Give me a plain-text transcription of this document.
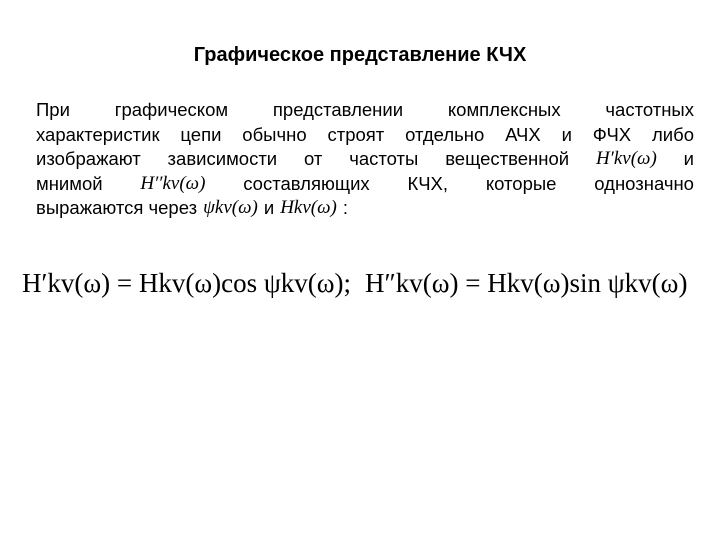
Графическое представление КЧХ
При графическом представлении комплексных частотных
характеристик цепи обычно строят отдельно АЧХ и ФЧХ либо
изображают зависимости от частоты вещественной H′kv(ω) и
мнимой H′′kv(ω) составляющих КЧХ, которые однозначно
выражаются через ψkv(ω) и Hkv(ω) :
H′kv(ω) = Hkv(ω)cos ψkv(ω); H″kv(ω) = Hkv(ω)sin ψkv(ω)
